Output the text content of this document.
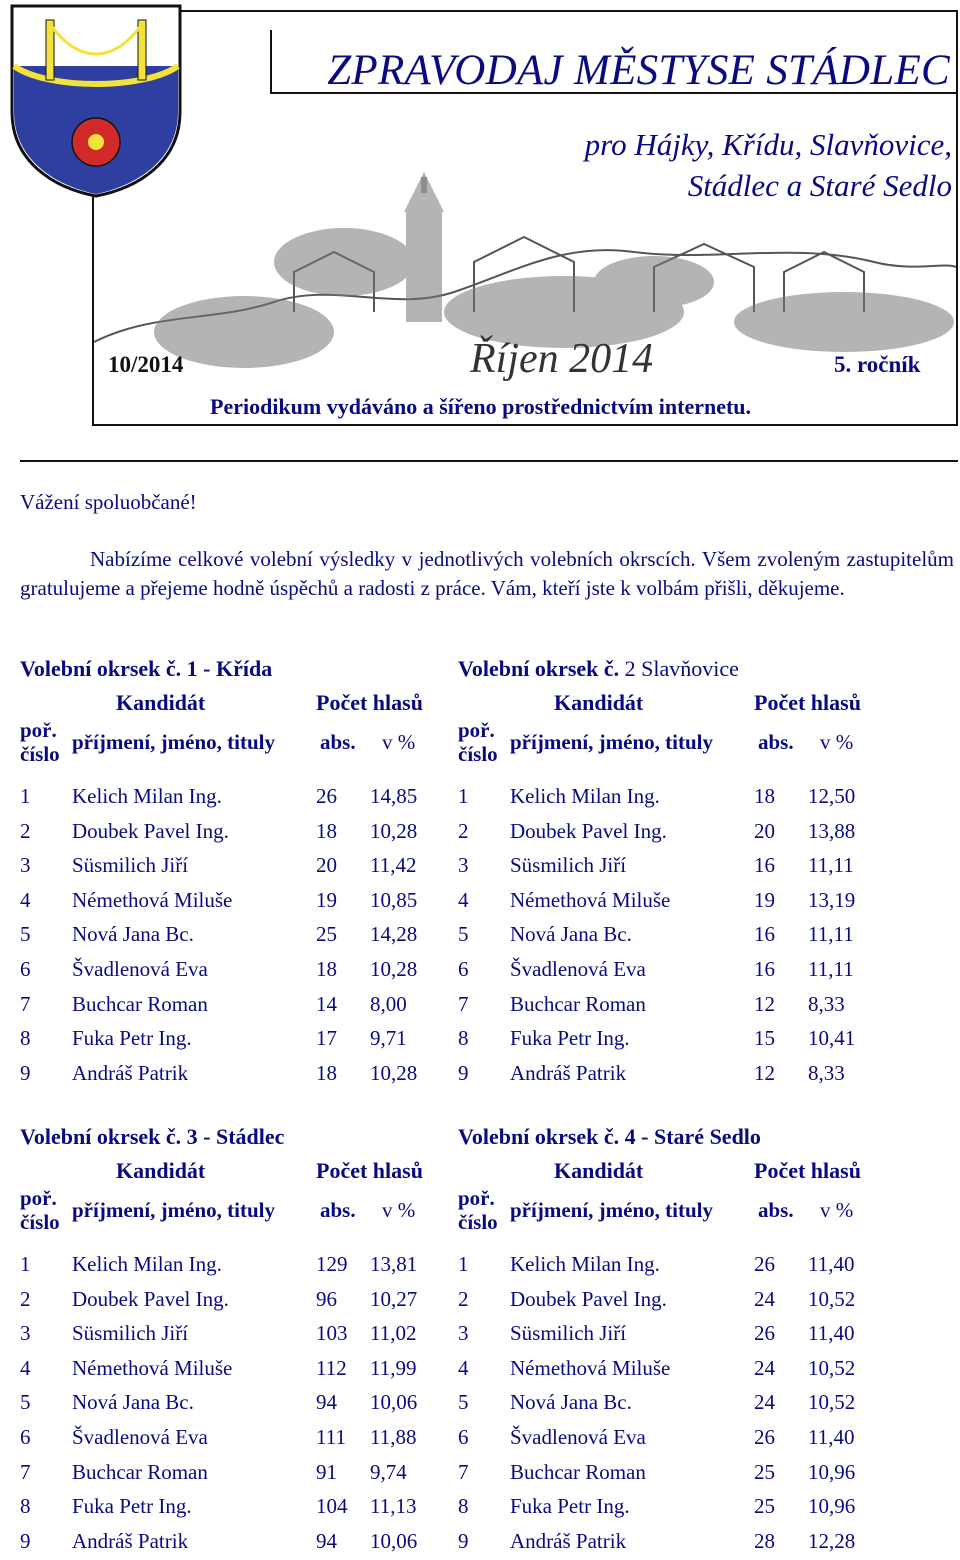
ZPRAVODAJ MĚSTYSE STÁDLEC
pro Hájky, Křídu, Slavňovice,
Stádlec a Staré Sedlo
10/2014	Říjen 2014	5. ročník
Periodikum vydáváno a šířeno prostřednictvím internetu.
Vážení spoluobčané!
Nabízíme celkové volební výsledky v jednotlivých volebních okrscích. Všem zvoleným zastupitelům gratulujeme a přejeme hodně úspěchů a radosti z práce. Vám, kteří jste k volbám přišli, děkujeme.
Volební okrsek č. 1 - Křída
Kandidát	Počet hlasů
poř.
číslo příjmení, jméno, tituly abs. v %
1 Kelich Milan Ing.	26 14,85
2 Doubek Pavel Ing.	18 10,28
3 Süsmilich Jiří	20 11,42
4 Némethová Miluše	19 10,85
5 Nová Jana Bc.	25 14,28
6 Švadlenová Eva	18 10,28
7 Buchcar Roman	14 8,00
8 Fuka Petr Ing.	17 9,71
9 Andráš Patrik	18 10,28
Volební okrsek č. 2 Slavňovice
Kandidát	Počet hlasů
poř.
číslo příjmení, jméno, tituly abs. v %
1 Kelich Milan Ing.	18 12,50
2 Doubek Pavel Ing.	20 13,88
3 Süsmilich Jiří	16 11,11
4 Némethová Miluše	19 13,19
5 Nová Jana Bc.	16 11,11
6 Švadlenová Eva	16 11,11
7 Buchcar Roman	12 8,33
8 Fuka Petr Ing.	15 10,41
9 Andráš Patrik	12 8,33
Volební okrsek č. 3 - Stádlec
Kandidát	Počet hlasů
poř.
číslo příjmení, jméno, tituly abs. v %
1 Kelich Milan Ing.	129 13,81
2 Doubek Pavel Ing.	96 10,27
3 Süsmilich Jiří	103 11,02
4 Némethová Miluše	112 11,99
5 Nová Jana Bc.	94 10,06
6 Švadlenová Eva	111 11,88
7 Buchcar Roman	91 9,74
8 Fuka Petr Ing.	104 11,13
9 Andráš Patrik	94 10,06
Volební okrsek č. 4 - Staré Sedlo
Kandidát	Počet hlasů
poř.
číslo příjmení, jméno, tituly abs. v %
1 Kelich Milan Ing.	26 11,40
2 Doubek Pavel Ing.	24 10,52
3 Süsmilich Jiří	26 11,40
4 Némethová Miluše	24 10,52
5 Nová Jana Bc.	24 10,52
6 Švadlenová Eva	26 11,40
7 Buchcar Roman	25 10,96
8 Fuka Petr Ing.	25 10,96
9 Andráš Patrik	28 12,28
